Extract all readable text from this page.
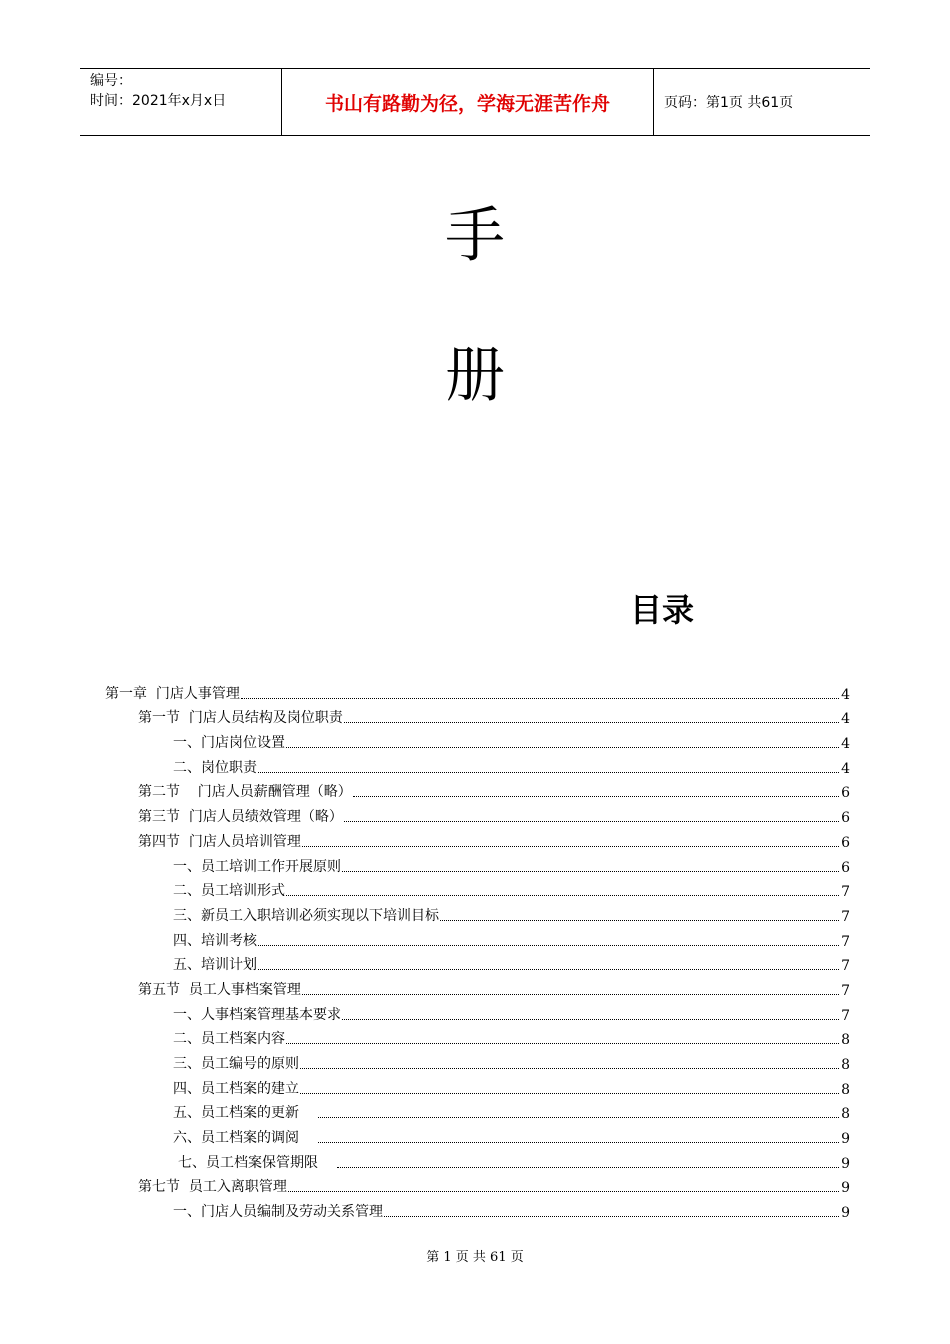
编号：
时间：2021年x月x日	书山有路勤为径，学海无涯苦作舟	页码：第1页 共61页
手
册
目录
第一章  门店人事管理	4
第一节  门店人员结构及岗位职责	4
一、门店岗位设置	4
二、岗位职责	4
第二节    门店人员薪酬管理（略）	6
第三节  门店人员绩效管理（略）	6
第四节  门店人员培训管理	6
一、员工培训工作开展原则	6
二、员工培训形式	7
三、新员工入职培训必须实现以下培训目标	7
四、培训考核	7
五、培训计划	7
第五节  员工人事档案管理	7
一、人事档案管理基本要求	7
二、员工档案内容	8
三、员工编号的原则	8
四、员工档案的建立	8
五、员工档案的更新	8
六、员工档案的调阅	9
七、员工档案保管期限	9
第七节  员工入离职管理	9
一、门店人员编制及劳动关系管理	9
第 1 页 共 61 页
